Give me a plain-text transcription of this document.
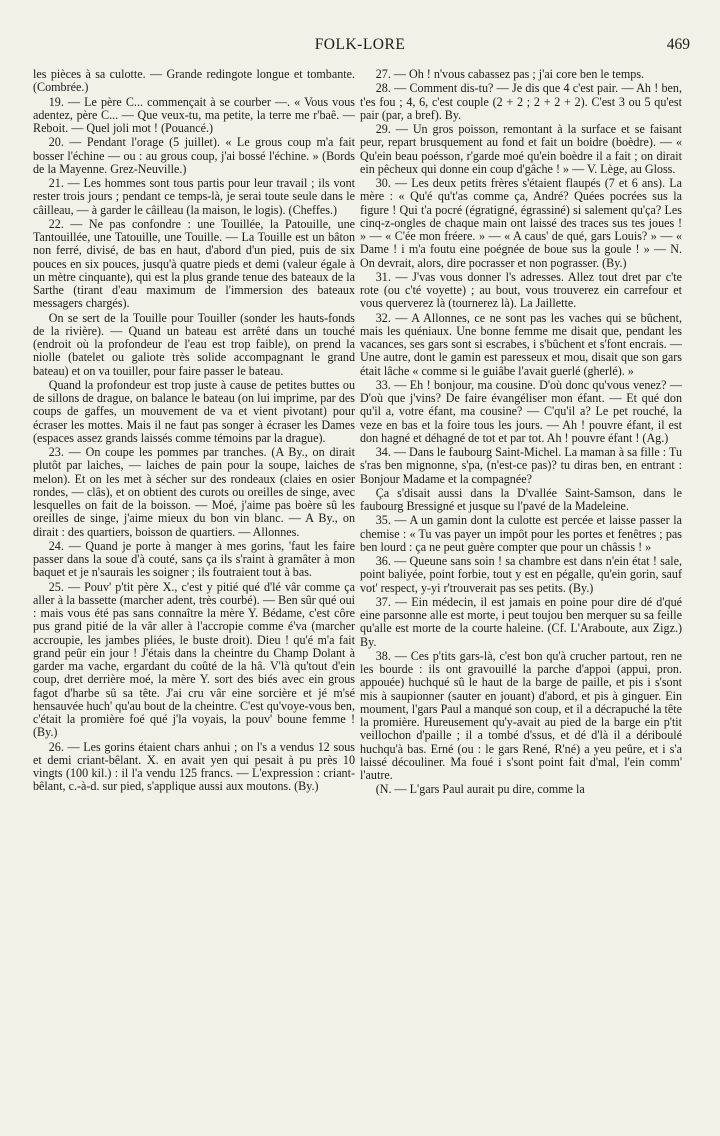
FOLK-LORE	469

les pièces à sa culotte. — Grande redingote longue et tombante. (Combrée.)

19. — Le père C... commençait à se courber —. « Vous vous adentez, père C... — Que veux-tu, ma petite, la terre me r'baê. — Reboit. — Quel joli mot ! (Pouancé.)

20. — Pendant l'orage (5 juillet). « Le grous coup m'a fait bosser l'échine — ou : au grous coup, j'ai bossé l'échine. » (Bords de la Mayenne. Grez-Neuville.)

21. — Les hommes sont tous partis pour leur travail ; ils vont rester trois jours ; pendant ce temps-là, je serai toute seule dans le câilleau, — à garder le câilleau (la maison, le logis). (Cheffes.)

22. — Ne pas confondre : une Touillée, la Patouille, une Tantouillée, une Tatouille, une Touille. — La Touille est un bâton non ferré, divisé, de bas en haut, d'abord d'un pied, puis de six pouces en six pouces, jusqu'à quatre pieds et demi (valeur égale à un mètre cinquante), qui est la plus grande tenue des bateaux de la Sarthe (tirant d'eau maximum de l'immersion des bateaux messagers chargés).

On se sert de la Touille pour Touiller (sonder les hauts-fonds de la rivière). — Quand un bateau est arrêté dans un touché (endroit où la profondeur de l'eau est trop faible), on prend la niolle (batelet ou galiote très solide accompagnant le grand bateau) et on va touiller, pour faire passer le bateau.

Quand la profondeur est trop juste à cause de petites buttes ou de sillons de drague, on balance le bateau (on lui imprime, par des coups de gaffes, un mouvement de va et vient pivotant) pour écraser les mottes. Mais il ne faut pas songer à écraser les Dames (espaces assez grands laissés comme témoins par la drague).

23. — On coupe les pommes par tranches. (A By., on dirait plutôt par laiches, — laiches de pain pour la soupe, laiches de melon). Et on les met à sécher sur des rondeaux (claies en osier rondes, — clâs), et on obtient des curots ou oreilles de singe, avec lesquelles on fait de la boisson. — Moé, j'aime pas boère sû les oreilles de singe, j'aime mieux du bon vin blanc. — A By., on dirait : des quartiers, boisson de quartiers. — Allonnes.

24. — Quand je porte à manger à mes gorins, 'faut les faire passer dans la soue d'à couté, sans ça ils s'raint à gramâter à mon baquet et je n'saurais les soigner ; ils foutraient tout à bas.

25. — Pouv' p'tit père X., c'est y pitié qué d'lé vâr comme ça aller à la bassette (marcher adent, très courbé). — Ben sûr qué oui : mais vous été pas sans connaître la mère Y. Bédame, c'est côre pus grand pitié de la vâr aller à l'accropie comme é'va (marcher accroupie, les jambes pliées, le buste droit). Dieu ! qu'é m'a fait grand peûr ein jour ! J'étais dans la cheintre du Champ Dolant à garder ma vache, ergardant du coûté de la hâ. V'là qu'tout d'ein coup, dret derrière moé, la mère Y. sort des biés avec ein grous fagot d'harbe sû sa tête. J'ai cru vâr eine sorcière et jé m'sé hensauvée huch' qu'au bout de la cheintre. C'est qu'voye-vous ben, c'était la promière foé qué j'la voyais, la pouv' boune femme ! (By.)

26. — Les gorins étaient chars anhui ; on l's a vendus 12 sous et demi criant-bêlant. X. en avait yen qui pesait à pu près 10 vingts (100 kil.) : il l'a vendu 125 francs. — L'expression : criant-bêlant, c.-à-d. sur pied, s'applique aussi aux moutons. (By.)

27. — Oh ! n'vous cabassez pas ; j'ai core ben le temps.

28. — Comment dis-tu? — Je dis que 4 c'est pair. — Ah ! ben, t'es fou ; 4, 6, c'est couple (2 + 2 ; 2 + 2 + 2). C'est 3 ou 5 qu'est pair (par, a bref). By.

29. — Un gros poisson, remontant à la surface et se faisant peur, repart brusquement au fond et fait un boidre (boèdre). — « Qu'ein beau poésson, r'garde moé qu'ein boèdre il a fait ; on dirait ein pêcheux qui donne ein coup d'gâche ! » — V. Lège, au Gloss.

30. — Les deux petits frères s'étaient flaupés (7 et 6 ans). La mère : « Qu'é qu't'as comme ça, André? Quées pocrées sus la figure ! Qui t'a pocré (égratigné, égrassiné) si salement qu'ça? Les cinq-z-ongles de chaque main ont laissé des traces sus tes joues ! » — « C'ée mon fréere. » — « A caus' de qué, gars Louis? » — « Dame ! i m'a foutu eine poégnée de boue sus la goule ! » — N. On devrait, alors, dire pocrasser et non pograsser. (By.)

31. — J'vas vous donner l's adresses. Allez tout dret par c'te rote (ou c'té voyette) ; au bout, vous trouverez ein carrefour et vous querverez là (tournerez là). La Jaillette.

32. — A Allonnes, ce ne sont pas les vaches qui se bûchent, mais les quéniaux. Une bonne femme me disait que, pendant les vacances, ses gars sont si escrabes, i s'bûchent et s'font encrais. — Une autre, dont le gamin est paresseux et mou, disait que son gars était lâche « comme si le guiâbe l'avait guerlé (gherlé). »

33. — Eh ! bonjour, ma cousine. D'où donc qu'vous venez? — D'où que j'vins? De faire évangéliser mon éfant. — Et qué don qu'il a, votre éfant, ma cousine? — C'qu'il a? Le pet rouché, la veze en bas et la foire tous les jours. — Ah ! pouvre éfant, il est don hagné et déhagné de tot et par tot. Ah ! pouvre éfant ! (Ag.)

34. — Dans le faubourg Saint-Michel. La maman à sa fille : Tu s'ras ben mignonne, s'pa, (n'est-ce pas)? tu diras ben, en entrant : Bonjour Madame et la compagnée?

Ça s'disait aussi dans la D'vallée Saint-Samson, dans le faubourg Bressigné et jusque su l'pavé de la Madeleine.

35. — A un gamin dont la culotte est percée et laisse passer la chemise : « Tu vas payer un impôt pour les portes et fenêtres ; pas ben lourd : ça ne peut guère compter que pour un châssis ! »

36. — Queune sans soin ! sa chambre est dans n'ein état ! sale, point baliyée, point forbie, tout y est en pégalle, qu'ein gorin, sauf vot' respect, y-yi r'trouverait pas ses petits. (By.)

37. — Ein médecin, il est jamais en poine pour dire dé d'qué eine parsonne alle est morte, i peut toujou ben merquer su sa feille qu'alle est morte de la courte haleine. (Cf. L'Araboute, aux Zigz.) By.

38. — Ces p'tits gars-là, c'est bon qu'à crucher partout, ren ne les bourde : ils ont gravouillé la parche d'appoi (appui, pron. appouée) huchqué sû le haut de la barge de paille, et pis i s'sont mis à saupionner (sauter en jouant) d'abord, et pis à ginguer. Ein moument, l'gars Paul a manqué son coup, et il a décrapuché la tête la promière. Hureusement qu'y-avait au pied de la barge ein p'tit veillochon d'paille ; il a tombé d'ssus, et dé d'là il a dériboulé huchqu'à bas. Erné (ou : le gars René, R'né) a yeu peûre, et i s'a laissé découliner. Ma foué i s'sont point fait d'mal, l'ein comm' l'autre.

(N. — L'gars Paul aurait pu dire, comme la
